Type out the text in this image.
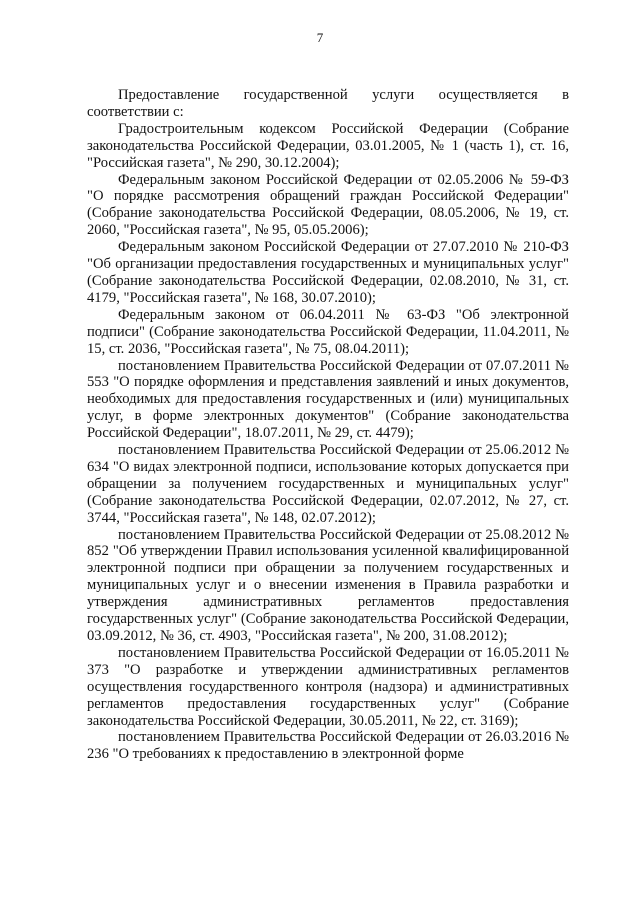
7

Предоставление государственной услуги осуществляется в соответствии с:

Градостроительным кодексом Российской Федерации (Собрание законодательства Российской Федерации, 03.01.2005, № 1 (часть 1), ст. 16, "Российская газета", № 290, 30.12.2004);

Федеральным законом Российской Федерации от 02.05.2006 № 59-ФЗ "О порядке рассмотрения обращений граждан Российской Федерации" (Собрание законодательства Российской Федерации, 08.05.2006, № 19, ст. 2060, "Российская газета", № 95, 05.05.2006);

Федеральным законом Российской Федерации от 27.07.2010 № 210-ФЗ "Об организации предоставления государственных и муниципальных услуг" (Собрание законодательства Российской Федерации, 02.08.2010, № 31, ст. 4179, "Российская газета", № 168, 30.07.2010);

Федеральным законом от 06.04.2011 № 63-ФЗ "Об электронной подписи" (Собрание законодательства Российской Федерации, 11.04.2011, № 15, ст. 2036, "Российская газета", № 75, 08.04.2011);

постановлением Правительства Российской Федерации от 07.07.2011 № 553 "О порядке оформления и представления заявлений и иных документов, необходимых для предоставления государственных и (или) муниципальных услуг, в форме электронных документов" (Собрание законодательства Российской Федерации", 18.07.2011, № 29, ст. 4479);

постановлением Правительства Российской Федерации от 25.06.2012 № 634 "О видах электронной подписи, использование которых допускается при обращении за получением государственных и муниципальных услуг" (Собрание законодательства Российской Федерации, 02.07.2012, № 27, ст. 3744, "Российская газета", № 148, 02.07.2012);

постановлением Правительства Российской Федерации от 25.08.2012 № 852 "Об утверждении Правил использования усиленной квалифицированной электронной подписи при обращении за получением государственных и муниципальных услуг и о внесении изменения в Правила разработки и утверждения административных регламентов предоставления государственных услуг" (Собрание законодательства Российской Федерации, 03.09.2012, № 36, ст. 4903, "Российская газета", № 200, 31.08.2012);

постановлением Правительства Российской Федерации от 16.05.2011 № 373 "О разработке и утверждении административных регламентов осуществления государственного контроля (надзора) и административных регламентов предоставления государственных услуг" (Собрание законодательства Российской Федерации, 30.05.2011, № 22, ст. 3169);

постановлением Правительства Российской Федерации от 26.03.2016 № 236 "О требованиях к предоставлению в электронной форме
